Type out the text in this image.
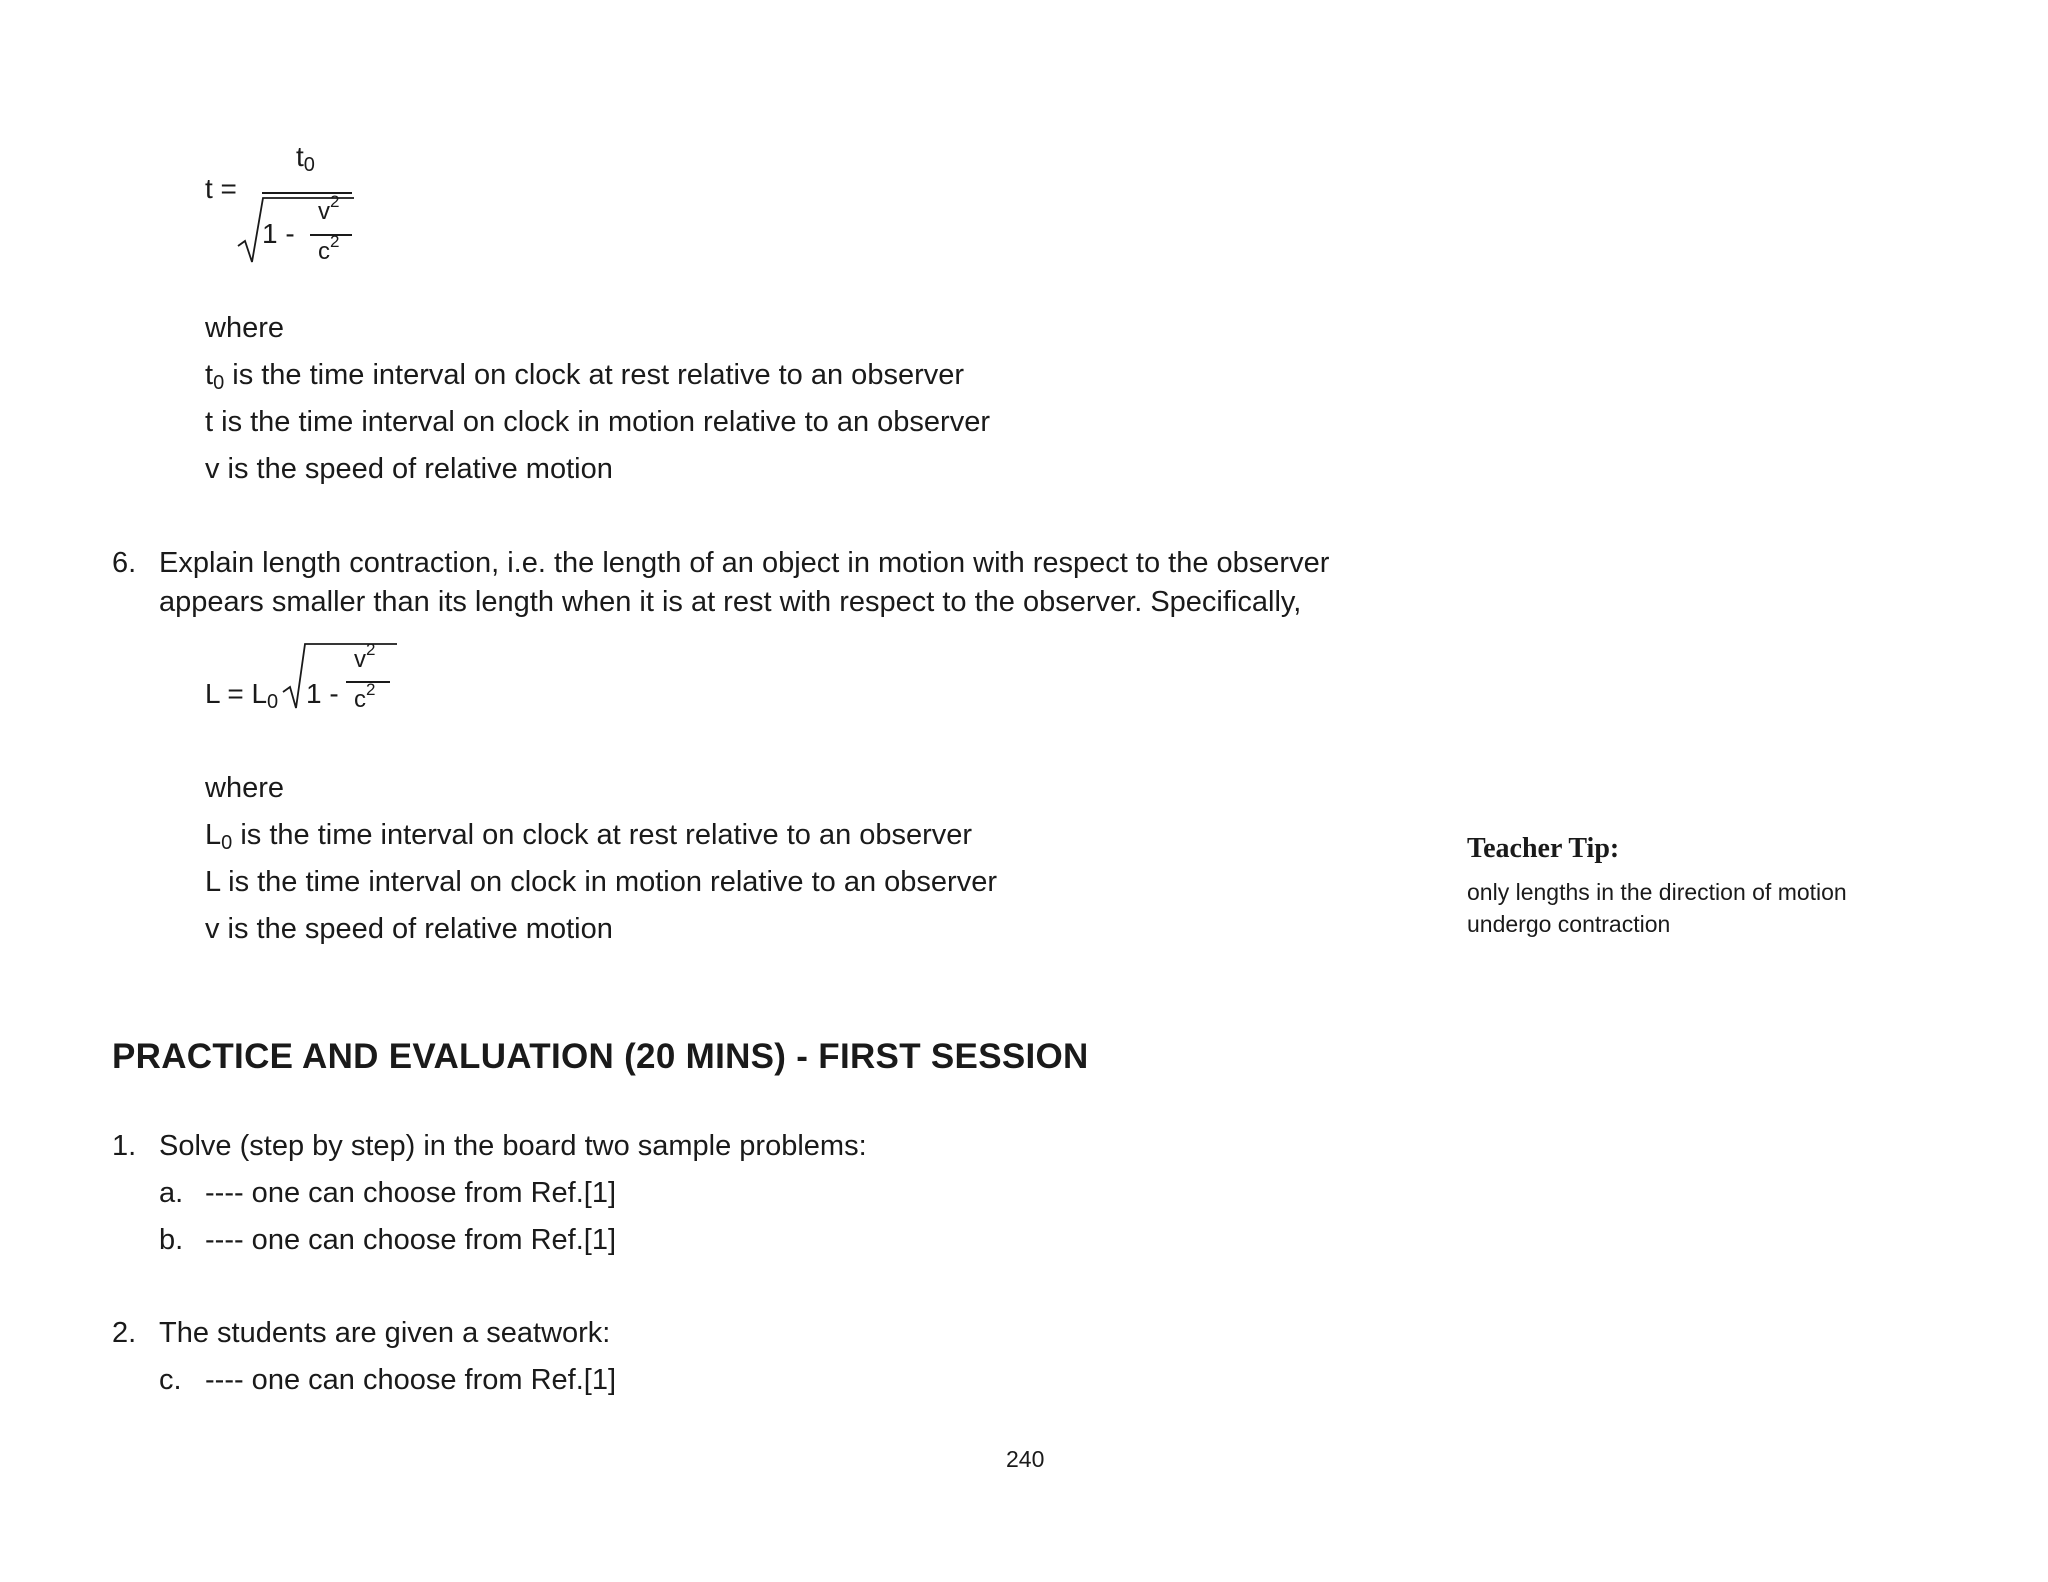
t =
$t_0$
1 -
$v^2$
$c^2$
where
$t_0$ is the time interval on clock at rest relative to an observer
t is the time interval on clock in motion relative to an observer
v is the speed of relative motion
6. Explain length contraction, i.e. the length of an object in motion with respect to the observer
appears smaller than its length when it is at rest with respect to the observer. Specifically,
$L = L_0$ 1 -
$v^2$
$c^2$
where
$L_0$ is the time interval on clock at rest relative to an observer
L is the time interval on clock in motion relative to an observer
v is the speed of relative motion
Teacher Tip:
only lengths in the direction of motion
undergo contraction
PRACTICE AND EVALUATION (20 MINS) - FIRST SESSION
1. Solve (step by step) in the board two sample problems:
a. ---- one can choose from Ref.[1]
b. ---- one can choose from Ref.[1]
2. The students are given a seatwork:
c. ---- one can choose from Ref.[1]
240
